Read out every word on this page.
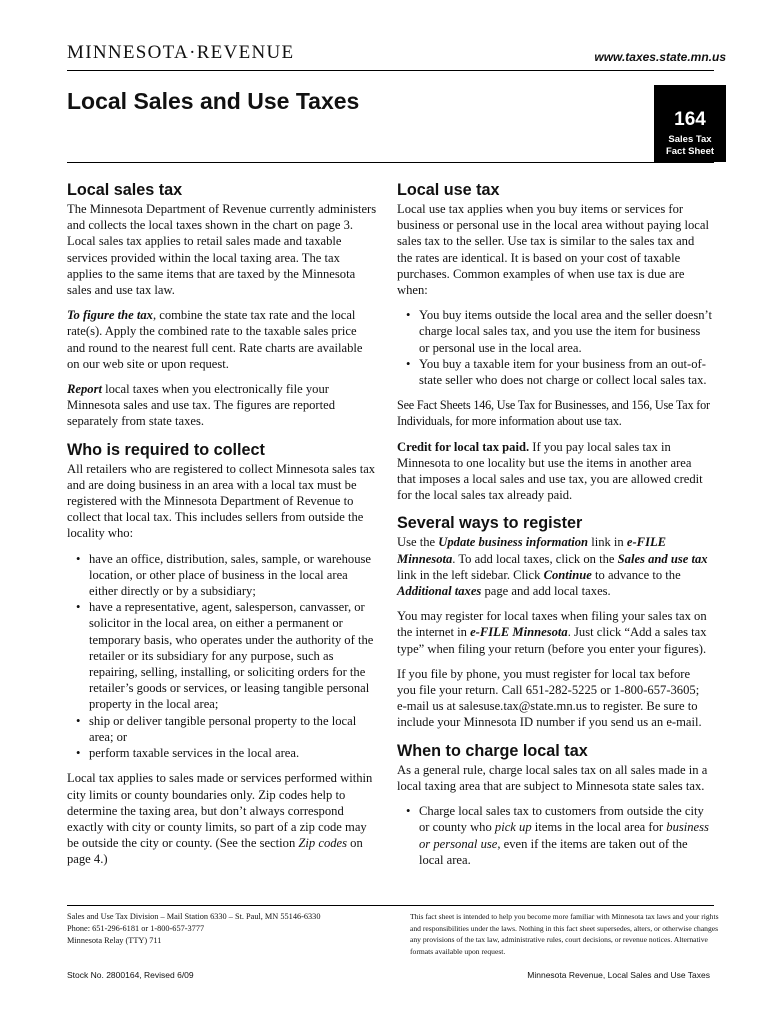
MINNESOTA·REVENUE	www.taxes.state.mn.us
Local Sales and Use Taxes
164
Sales Tax
Fact Sheet
Local sales tax

The Minnesota Department of Revenue currently administers and collects the local taxes shown in the chart on page 3. Local sales tax applies to retail sales made and taxable services provided within the local taxing area. The tax applies to the same items that are taxed by the Minnesota sales and use tax law.

To figure the tax, combine the state tax rate and the local rate(s). Apply the combined rate to the taxable sales price and round to the nearest full cent. Rate charts are available on our web site or upon request.

Report local taxes when you electronically file your Minnesota sales and use tax. The figures are reported separately from state taxes.

Who is required to collect

All retailers who are registered to collect Minnesota sales tax and are doing business in an area with a local tax must be registered with the Minnesota Department of Revenue to collect that local tax. This includes sellers from outside the locality who:

• have an office, distribution, sales, sample, or warehouse location, or other place of business in the local area either directly or by a subsidiary;
• have a representative, agent, salesperson, canvasser, or solicitor in the local area, on either a permanent or temporary basis, who operates under the authority of the retailer or its subsidiary for any purpose, such as repairing, selling, installing, or soliciting orders for the retailer’s goods or services, or leasing tangible personal property in the local area;
• ship or deliver tangible personal property to the local area; or
• perform taxable services in the local area.

Local tax applies to sales made or services performed within city limits or county boundaries only. Zip codes help to determine the taxing area, but don’t always correspond exactly with city or county limits, so part of a zip code may be outside the city or county. (See the section Zip codes on page 4.)

Local use tax

Local use tax applies when you buy items or services for business or personal use in the local area without paying local sales tax to the seller. Use tax is similar to the sales tax and the rates are identical. It is based on your cost of taxable purchases. Common examples of when use tax is due are when:

• You buy items outside the local area and the seller doesn’t charge local sales tax, and you use the item for business or personal use in the local area.
• You buy a taxable item for your business from an out-of-state seller who does not charge or collect local sales tax.

See Fact Sheets 146, Use Tax for Businesses, and 156, Use Tax for Individuals, for more information about use tax.

Credit for local tax paid. If you pay local sales tax in Minnesota to one locality but use the items in another area that imposes a local sales and use tax, you are allowed credit for the local sales tax already paid.

Several ways to register

Use the Update business information link in e-FILE Minnesota. To add local taxes, click on the Sales and use tax link in the left sidebar. Click Continue to advance to the Additional taxes page and add local taxes.

You may register for local taxes when filing your sales tax on the internet in e-FILE Minnesota. Just click “Add a sales tax type” when filing your return (before you enter your figures).

If you file by phone, you must register for local tax before you file your return. Call 651-282-5225 or 1-800-657-3605; e-mail us at salesuse.tax@state.mn.us to register. Be sure to include your Minnesota ID number if you send us an e-mail.

When to charge local tax

As a general rule, charge local sales tax on all sales made in a local taxing area that are subject to Minnesota state sales tax.

• Charge local sales tax to customers from outside the city or county who pick up items in the local area for business or personal use, even if the items are taken out of the local area.
Sales and Use Tax Division – Mail Station 6330 – St. Paul, MN 55146-6330
Phone: 651-296-6181 or 1-800-657-3777
Minnesota Relay (TTY) 711
This fact sheet is intended to help you become more familiar with Minnesota tax laws and your rights and responsibilities under the laws. Nothing in this fact sheet supersedes, alters, or otherwise changes any provisions of the tax law, administrative rules, court decisions, or revenue notices. Alternative formats available upon request.
Stock No. 2800164, Revised 6/09	Minnesota Revenue, Local Sales and Use Taxes
